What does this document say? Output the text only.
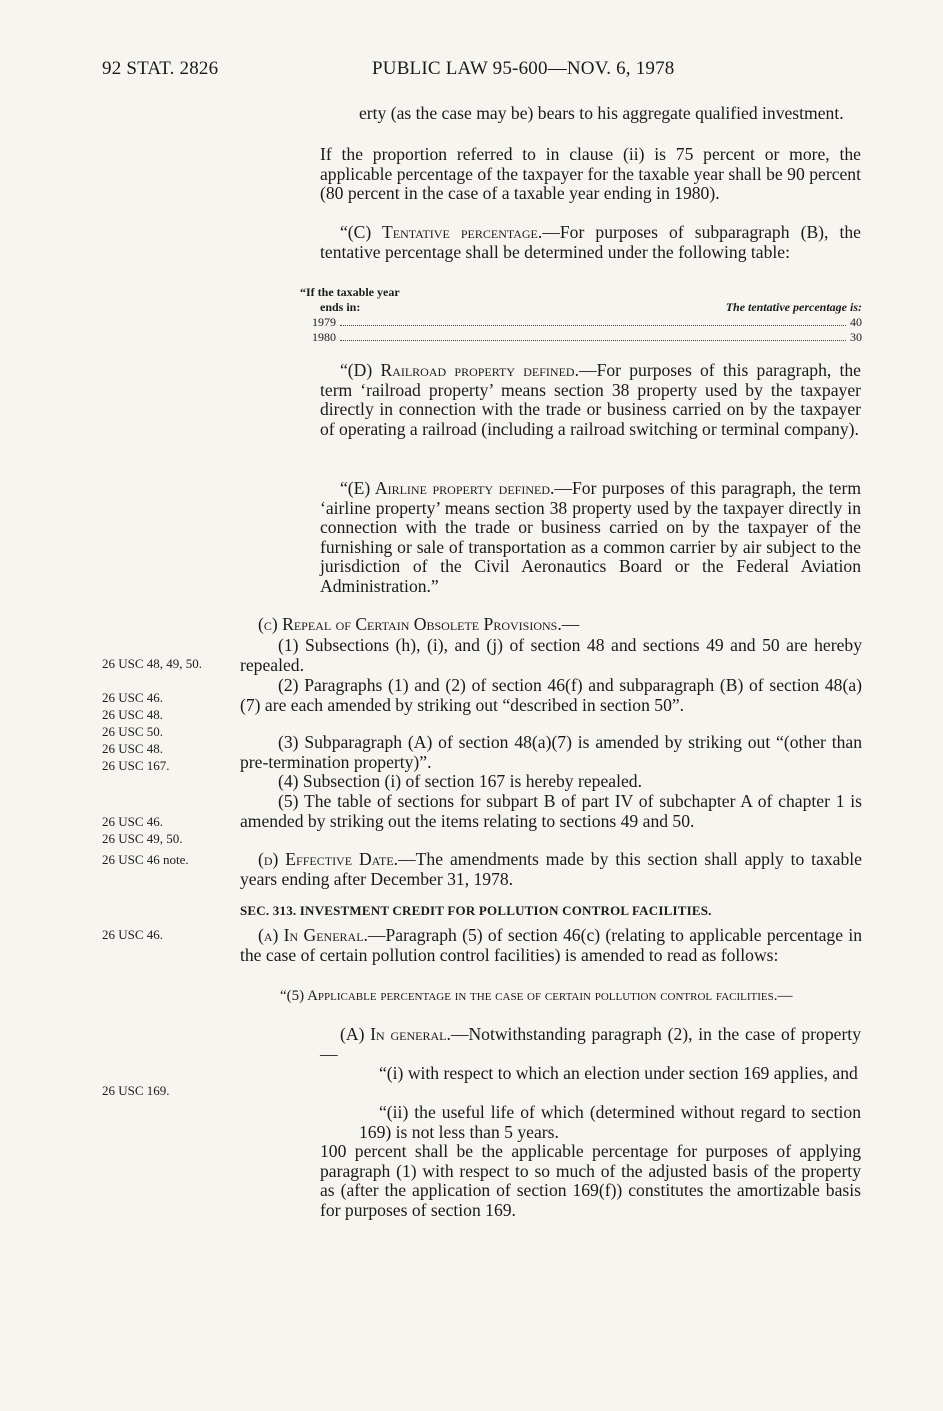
92 STAT. 2826	PUBLIC LAW 95-600—NOV. 6, 1978
26 USC 48, 49, 50.
26 USC 46.
26 USC 48.
26 USC 50.
26 USC 48.
26 USC 167.
26 USC 46.
26 USC 49, 50.
26 USC 46 note.
26 USC 46.
26 USC 169.
erty (as the case may be) bears to his aggregate qualified investment.
If the proportion referred to in clause (ii) is 75 percent or more, the applicable percentage of the taxpayer for the taxable year shall be 90 percent (80 percent in the case of a taxable year ending in 1980).
“(C) Tentative percentage.—For purposes of subparagraph (B), the tentative percentage shall be determined under the following table:
“If the taxable year
ends in:	The tentative percentage is:
1979	40
1980	30
“(D) Railroad property defined.—For purposes of this paragraph, the term ‘railroad property’ means section 38 property used by the taxpayer directly in connection with the trade or business carried on by the taxpayer of operating a railroad (including a railroad switching or terminal company).
“(E) Airline property defined.—For purposes of this paragraph, the term ‘airline property’ means section 38 property used by the taxpayer directly in connection with the trade or business carried on by the taxpayer of the furnishing or sale of transportation as a common carrier by air subject to the jurisdiction of the Civil Aeronautics Board or the Federal Aviation Administration.”
(c) Repeal of Certain Obsolete Provisions.—
(1) Subsections (h), (i), and (j) of section 48 and sections 49 and 50 are hereby repealed.
(2) Paragraphs (1) and (2) of section 46(f) and subparagraph (B) of section 48(a)(7) are each amended by striking out “described in section 50”.
(3) Subparagraph (A) of section 48(a)(7) is amended by striking out “(other than pre-termination property)”.
(4) Subsection (i) of section 167 is hereby repealed.
(5) The table of sections for subpart B of part IV of subchapter A of chapter 1 is amended by striking out the items relating to sections 49 and 50.
(d) Effective Date.—The amendments made by this section shall apply to taxable years ending after December 31, 1978.
SEC. 313. INVESTMENT CREDIT FOR POLLUTION CONTROL FACILITIES.
(a) In General.—Paragraph (5) of section 46(c) (relating to applicable percentage in the case of certain pollution control facilities) is amended to read as follows:
“(5) Applicable percentage in the case of certain pollution control facilities.—
(A) In general.—Notwithstanding paragraph (2), in the case of property—
“(i) with respect to which an election under section 169 applies, and
“(ii) the useful life of which (determined without regard to section 169) is not less than 5 years.
100 percent shall be the applicable percentage for purposes of applying paragraph (1) with respect to so much of the adjusted basis of the property as (after the application of section 169(f)) constitutes the amortizable basis for purposes of section 169.
